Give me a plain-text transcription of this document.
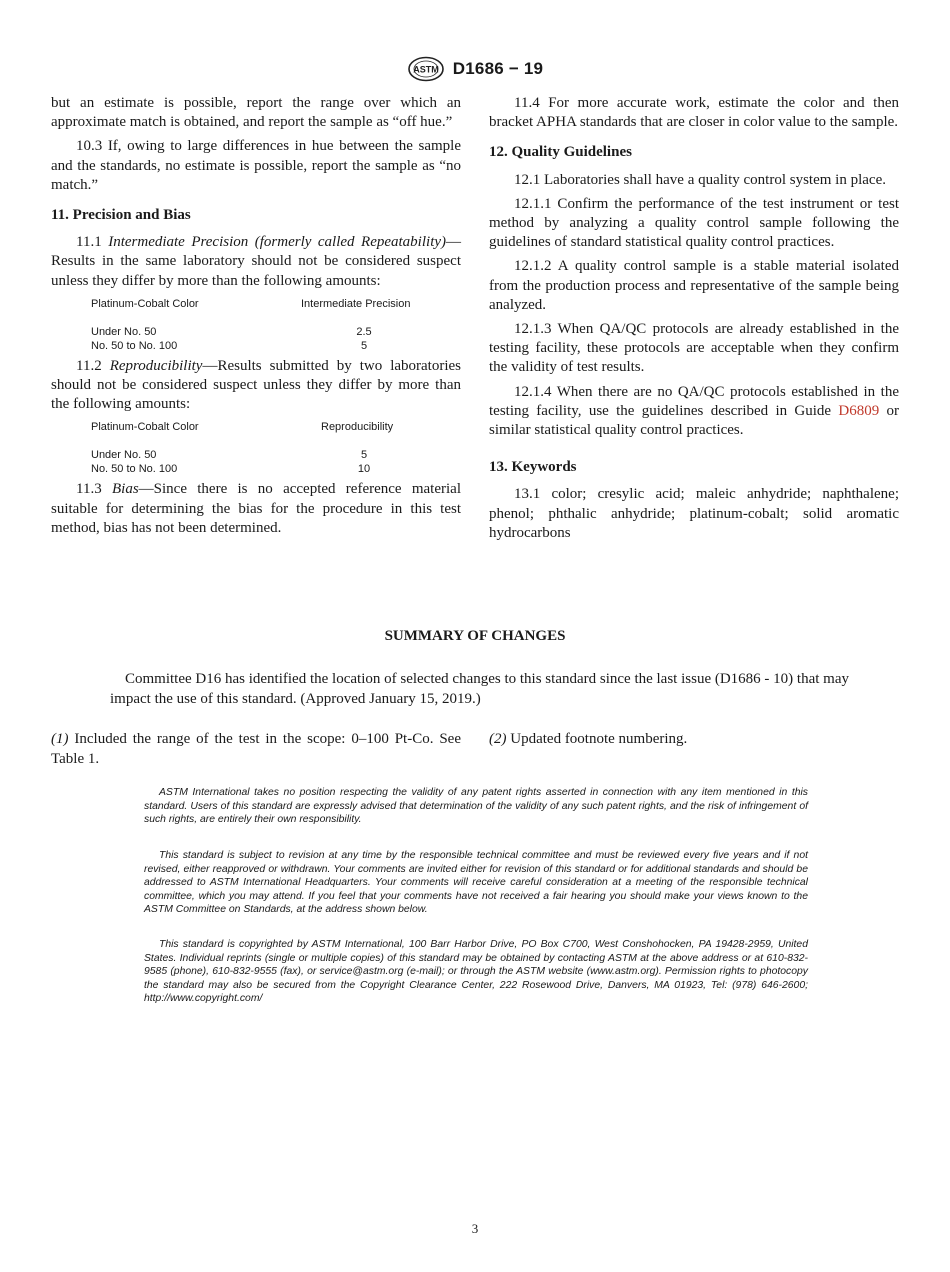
ASTM D1686 − 19

but an estimate is possible, report the range over which an approximate match is obtained, and report the sample as “off hue.”

10.3 If, owing to large differences in hue between the sample and the standards, no estimate is possible, report the sample as “no match.”

11. Precision and Bias

11.1 Intermediate Precision (formerly called Repeatability)—Results in the same laboratory should not be considered suspect unless they differ by more than the following amounts:

Platinum-Cobalt Color	Intermediate Precision
Under No. 50	2.5
No. 50 to No. 100	5

11.2 Reproducibility—Results submitted by two laboratories should not be considered suspect unless they differ by more than the following amounts:

Platinum-Cobalt Color	Reproducibility
Under No. 50	5
No. 50 to No. 100	10

11.3 Bias—Since there is no accepted reference material suitable for determining the bias for the procedure in this test method, bias has not been determined.

11.4 For more accurate work, estimate the color and then bracket APHA standards that are closer in color value to the sample.

12. Quality Guidelines

12.1 Laboratories shall have a quality control system in place.

12.1.1 Confirm the performance of the test instrument or test method by analyzing a quality control sample following the guidelines of standard statistical quality control practices.

12.1.2 A quality control sample is a stable material isolated from the production process and representative of the sample being analyzed.

12.1.3 When QA/QC protocols are already established in the testing facility, these protocols are acceptable when they confirm the validity of test results.

12.1.4 When there are no QA/QC protocols established in the testing facility, use the guidelines described in Guide D6809 or similar statistical quality control practices.

13. Keywords

13.1 color; cresylic acid; maleic anhydride; naphthalene; phenol; phthalic anhydride; platinum-cobalt; solid aromatic hydrocarbons

SUMMARY OF CHANGES
Committee D16 has identified the location of selected changes to this standard since the last issue (D1686 - 10) that may impact the use of this standard. (Approved January 15, 2019.)
(1) Included the range of the test in the scope: 0–100 Pt-Co. See Table 1.
(2) Updated footnote numbering.
ASTM International takes no position respecting the validity of any patent rights asserted in connection with any item mentioned in this standard. Users of this standard are expressly advised that determination of the validity of any such patent rights, and the risk of infringement of such rights, are entirely their own responsibility.
This standard is subject to revision at any time by the responsible technical committee and must be reviewed every five years and if not revised, either reapproved or withdrawn. Your comments are invited either for revision of this standard or for additional standards and should be addressed to ASTM International Headquarters. Your comments will receive careful consideration at a meeting of the responsible technical committee, which you may attend. If you feel that your comments have not received a fair hearing you should make your views known to the ASTM Committee on Standards, at the address shown below.
This standard is copyrighted by ASTM International, 100 Barr Harbor Drive, PO Box C700, West Conshohocken, PA 19428-2959, United States. Individual reprints (single or multiple copies) of this standard may be obtained by contacting ASTM at the above address or at 610-832-9585 (phone), 610-832-9555 (fax), or service@astm.org (e-mail); or through the ASTM website (www.astm.org). Permission rights to photocopy the standard may also be secured from the Copyright Clearance Center, 222 Rosewood Drive, Danvers, MA 01923, Tel: (978) 646-2600; http://www.copyright.com/
3
